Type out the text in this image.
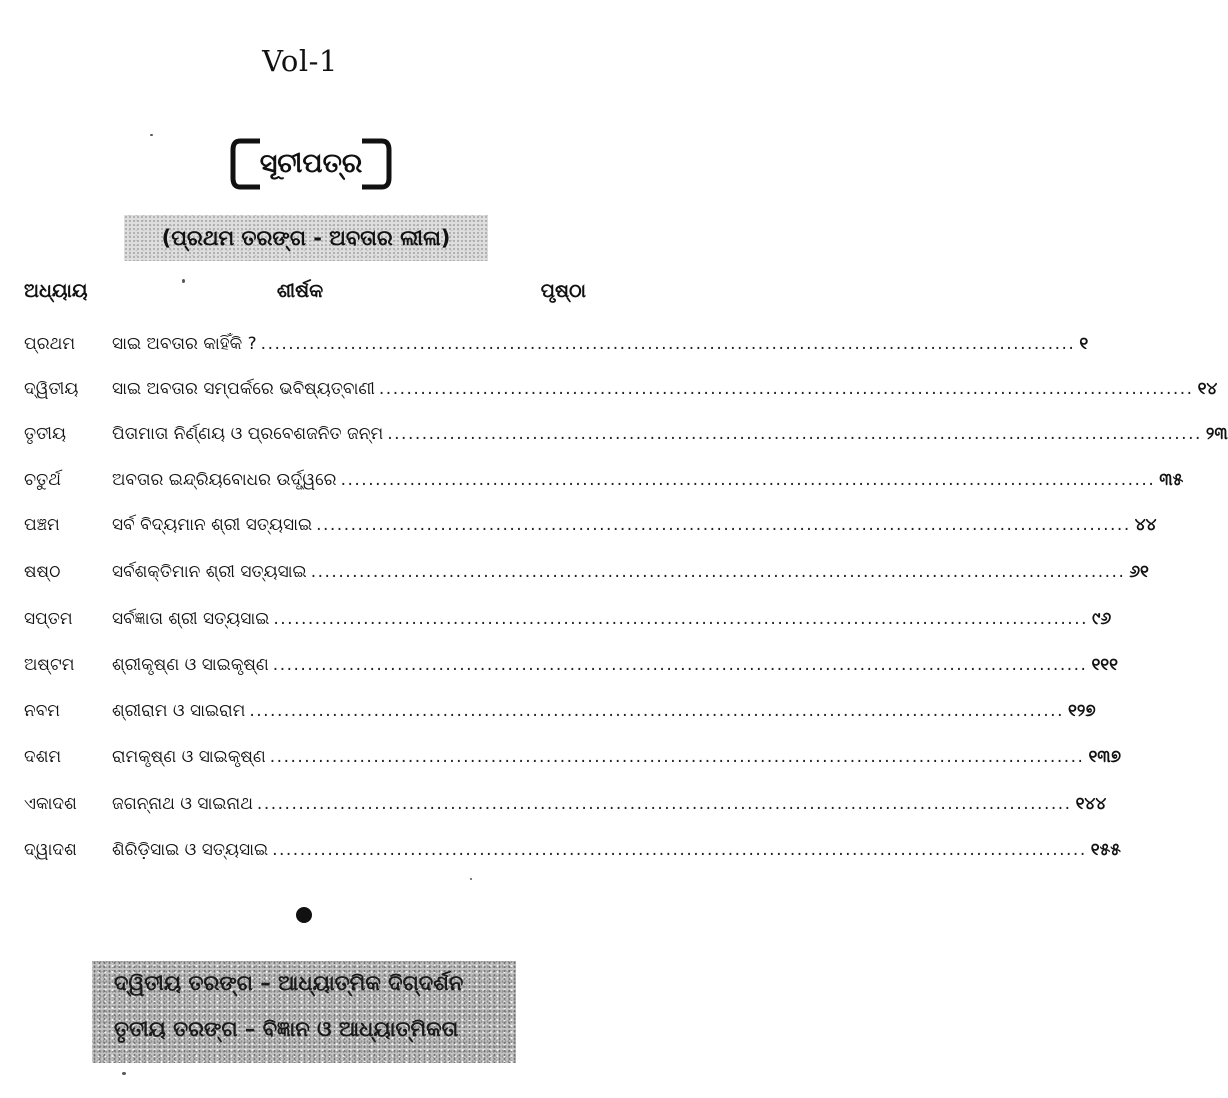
Vol-1
ସୂଚୀପତ୍ର
(ପ୍ରଥମ ତରଙ୍ଗ - ଅବତାର ଲୀଳା)
ଅଧ୍ୟାୟ	ଶୀର୍ଷକ	ପୃଷ୍ଠା
ପ୍ରଥମ ସାଇ ଅବତାର କାହିଁକି ? ...................................................................................................................... ୧
ଦ୍ୱିତୀୟ ସାଇ ଅବତାର ସମ୍ପର୍କରେ ଭବିଷ୍ୟତ୍‌ବାଣୀ ...................................................................................................................... ୧୪
ତୃତୀୟ	ପିତାମାତା ନିର୍ଣ୍ଣୟ ଓ ପ୍ରବେଶଜନିତ ଜନ୍ମ ...................................................................................................................... ୨୩
ଚତୁର୍ଥ	ଅବତାର ଇନ୍ଦ୍ରିୟବୋଧର ଉର୍ଦ୍ଧ୍ୱରେ ...................................................................................................................... ୩୫
ପଞ୍ଚମ	ସର୍ବ ବିଦ୍ୟମାନ ଶ୍ରୀ ସତ୍ୟସାଇ ...................................................................................................................... ୪୪
ଷଷ୍ଠ	ସର୍ବଶକ୍ତିମାନ ଶ୍ରୀ ସତ୍ୟସାଇ ...................................................................................................................... ୬୧
ସପ୍ତମ ସର୍ବଜ୍ଞାତା ଶ୍ରୀ ସତ୍ୟସାଇ ...................................................................................................................... ୯୬
ଅଷ୍ଟମ ଶ୍ରୀକୃଷ୍ଣ ଓ ସାଇକୃଷ୍ଣ ...................................................................................................................... ୧୧୧
ନବମ	ଶ୍ରୀରାମ ଓ ସାଇରାମ ...................................................................................................................... ୧୨୭
ଦଶମ	ରାମକୃଷ୍ଣ ଓ ସାଇକୃଷ୍ଣ ...................................................................................................................... ୧୩୭
ଏକାଦଶ ଜଗନ୍ନାଥ ଓ ସାଇନାଥ ...................................................................................................................... ୧୪୪
ଦ୍ୱାଦଶ ଶିରିଡ଼ିସାଇ ଓ ସତ୍ୟସାଇ ...................................................................................................................... ୧୫୫
ଦ୍ୱିତୀୟ ତରଙ୍ଗ – ଆଧ୍ୟାତ୍ମିକ ଦିଗ୍‌ଦର୍ଶନ
ତୃତୀୟ ତରଙ୍ଗ – ବିଜ୍ଞାନ ଓ ଆଧ୍ୟାତ୍ମିକତା
